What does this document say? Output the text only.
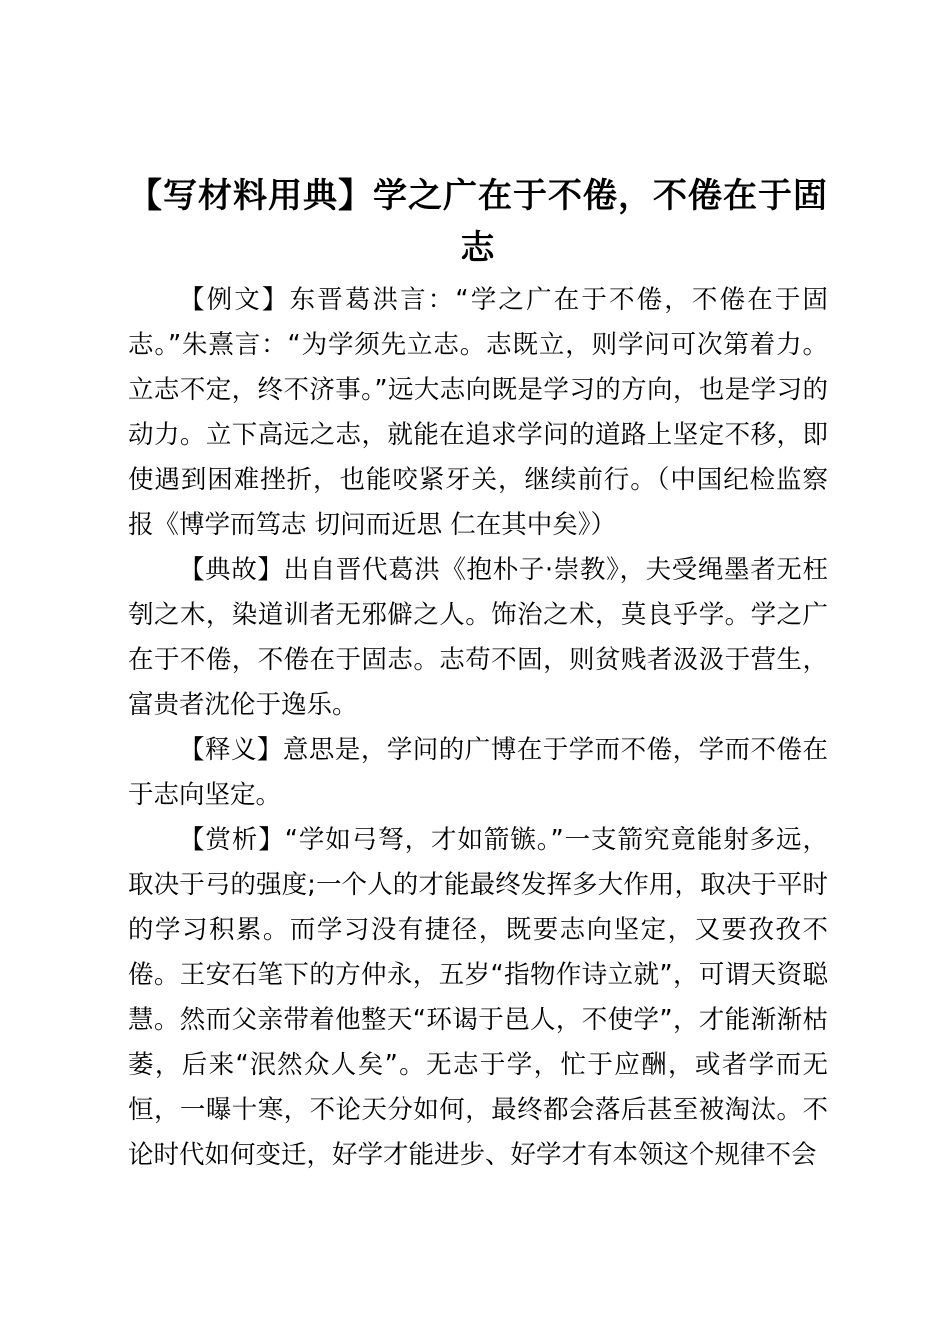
【写材料用典】学之广在于不倦，不倦在于固志

【例文】东晋葛洪言：“学之广在于不倦，不倦在于固志。”朱熹言：“为学须先立志。志既立，则学问可次第着力。立志不定，终不济事。”远大志向既是学习的方向，也是学习的动力。立下高远之志，就能在追求学问的道路上坚定不移，即使遇到困难挫折，也能咬紧牙关，继续前行。（中国纪检监察报《博学而笃志 切问而近思 仁在其中矣》）

【典故】出自晋代葛洪《抱朴子·崇教》，夫受绳墨者无枉刳之木，染道训者无邪僻之人。饰治之术，莫良乎学。学之广在于不倦，不倦在于固志。志苟不固，则贫贱者汲汲于营生，富贵者沈伦于逸乐。

【释义】意思是，学问的广博在于学而不倦，学而不倦在于志向坚定。

【赏析】“学如弓弩，才如箭镞。”一支箭究竟能射多远，取决于弓的强度;一个人的才能最终发挥多大作用，取决于平时的学习积累。而学习没有捷径，既要志向坚定，又要孜孜不倦。王安石笔下的方仲永，五岁“指物作诗立就”，可谓天资聪慧。然而父亲带着他整天“环谒于邑人，不使学”，才能渐渐枯萎，后来“泯然众人矣”。无志于学，忙于应酬，或者学而无恒，一曝十寒，不论天分如何，最终都会落后甚至被淘汰。不论时代如何变迁，好学才能进步、好学才有本领这个规律不会
